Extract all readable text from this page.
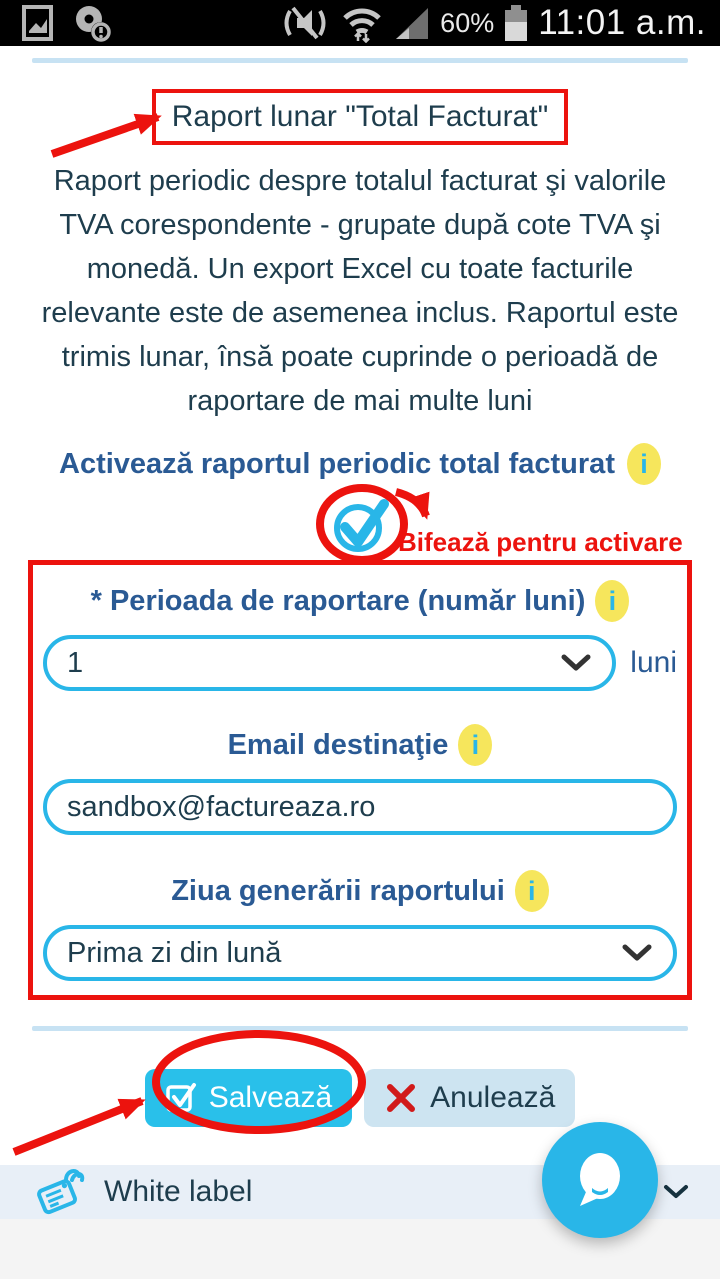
60% 11:01 a.m.
Raport lunar "Total Facturat"
Raport periodic despre totalul facturat şi valorile TVA corespondente - grupate după cote TVA şi monedă. Un export Excel cu toate facturile relevante este de asemenea inclus. Raportul este trimis lunar, însă poate cuprinde o perioadă de raportare de mai multe luni
Activează raportul periodic total facturat i
Bifează pentru activare
* Perioada de raportare (număr luni) i
1	luni
Email destinaţie i
sandbox@factureaza.ro
Ziua generării raportului i
Prima zi din lună
Salvează	Anulează
White label
